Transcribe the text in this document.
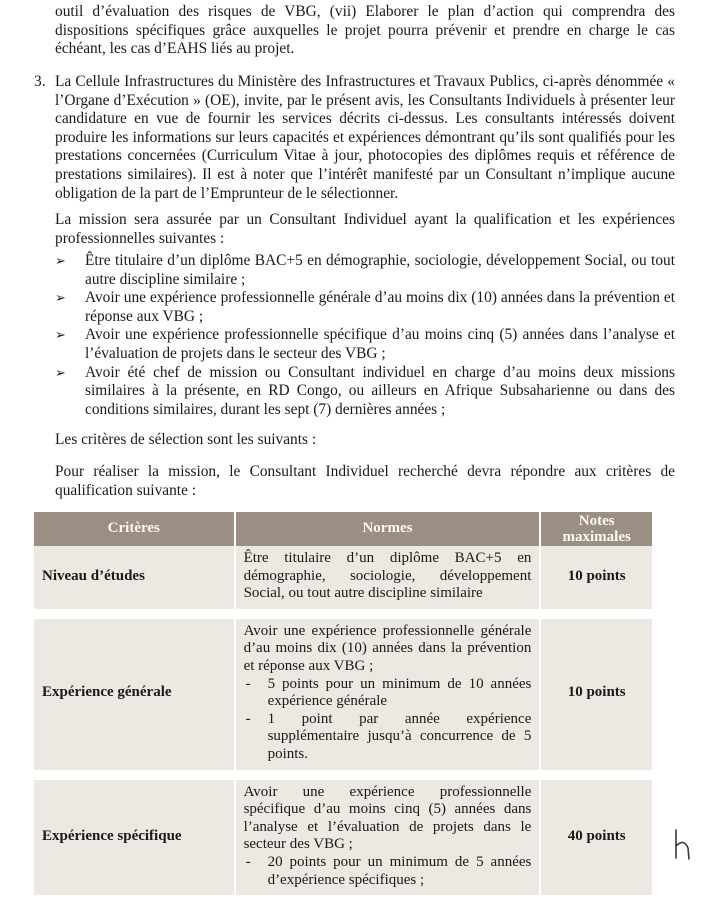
outil d’évaluation des risques de VBG, (vii) Elaborer le plan d’action qui comprendra des dispositions spécifiques grâce auxquelles le projet pourra prévenir et prendre en charge le cas échéant, les cas d’EAHS liés au projet.

3. La Cellule Infrastructures du Ministère des Infrastructures et Travaux Publics, ci-après dénommée « l’Organe d’Exécution » (OE), invite, par le présent avis, les Consultants Individuels à présenter leur candidature en vue de fournir les services décrits ci-dessus. Les consultants intéressés doivent produire les informations sur leurs capacités et expériences démontrant qu’ils sont qualifiés pour les prestations concernées (Curriculum Vitae à jour, photocopies des diplômes requis et référence de prestations similaires). Il est à noter que l’intérêt manifesté par un Consultant n’implique aucune obligation de la part de l’Emprunteur de le sélectionner.

La mission sera assurée par un Consultant Individuel ayant la qualification et les expériences professionnelles suivantes :

➢ Être titulaire d’un diplôme BAC+5 en démographie, sociologie, développement Social, ou tout autre discipline similaire ;
➢ Avoir une expérience professionnelle générale d’au moins dix (10) années dans la prévention et réponse aux VBG ;
➢ Avoir une expérience professionnelle spécifique d’au moins cinq (5) années dans l’analyse et l’évaluation de projets dans le secteur des VBG ;
➢ Avoir été chef de mission ou Consultant individuel en charge d’au moins deux missions similaires à la présente, en RD Congo, ou ailleurs en Afrique Subsaharienne ou dans des conditions similaires, durant les sept (7) dernières années ;

Les critères de sélection sont les suivants :

Pour réaliser la mission, le Consultant Individuel recherché devra répondre aux critères de qualification suivante :

Critères	Normes	Notes maximales
Niveau d’études	Être titulaire d’un diplôme BAC+5 en démographie, sociologie, développement Social, ou tout autre discipline similaire	10 points
Expérience générale	Avoir une expérience professionnelle générale d’au moins dix (10) années dans la prévention et réponse aux VBG ;
- 5 points pour un minimum de 10 années expérience générale
- 1 point par année expérience supplémentaire jusqu’à concurrence de 5 points.	10 points
Expérience spécifique	Avoir une expérience professionnelle spécifique d’au moins cinq (5) années dans l’analyse et l’évaluation de projets dans le secteur des VBG ;
- 20 points pour un minimum de 5 années d’expérience spécifiques ;	40 points
